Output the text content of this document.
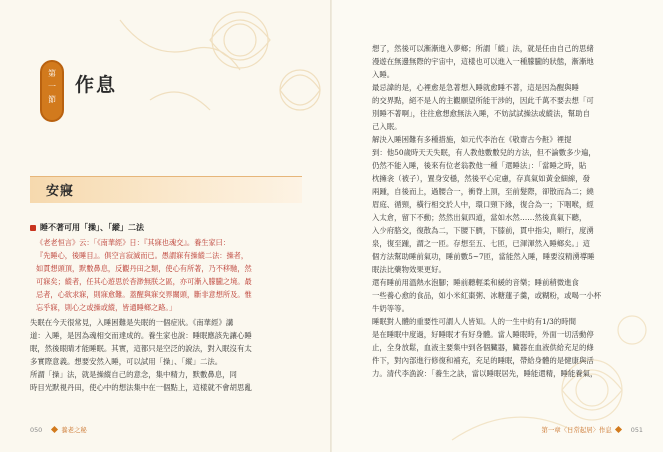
第
一
節
作息
安寢
睡不著可用「操」、「縱」二法
《老老恒言》云：「《南華經》日：『其寐也魂交』。養生家曰：
『先睡心，後睡目』。俱空言寂滅而已。愚謂寐有操縱二法：操者，
如貫想頭頂，默數鼻息，反觀丹田之類，使心有所著，乃不移馳，然
可寐矣；縱者，任其心遊思於杳渺無朕之區，亦可漸入朦朧之境。最
忌者，心欲求寐，則寐愈難。蓋醒與寐交界關頭，斷非意想所及。惟
忘乎寐，則心之或操或縱，皆通睡鄉之路。」
失眠在今天很常見，入睡困難是失眠的一個症狀。《南華經》講
道：入睡，是因為魂相交而達成的。養生家也說：睡眠應該先讓心睡
眠，然後眼睛才能睡眠。其實，這都只是空泛的說法，對入眠沒有太
多實際意義。想要安然入睡，可以試用「操」、「縱」二法。
所謂「操」法，就是操縱自己的意念，集中精力，默數鼻息，同
時目光默視丹田，使心中的想法集中在一個點上，這樣就不會胡思亂
050	養老之秘
想了，然後可以漸漸進入夢鄉；所謂「縱」法，就是任由自己的思緒
漫遊在無邊無際的宇宙中，這樣也可以進入一種朦朧的狀態，漸漸地
入睡。
最忌諱的是，心裡愈是急著想入睡就愈睡不著，這是因為醒與睡
的交界點，絕不是人的主觀願望所能干涉的，因此千萬不要去想「可
別睡不著啊」，往往愈想愈無法入睡，不妨試試操法或縱法，幫助自
己入眠。
解決入睡困難有多種措施，如元代李治在《敬齋古今黈》裡提
到：他50歲時天天失眠，有人教他數數兒的方法，但不論數多少遍，
仍然不能入睡，後來有位老翁教他一種「還睡法」：「當睡之時，貼
枕擁衾（被子），置身安穩，然後平心定慮，存真氣如黃金細線，發
兩踵，自後而上，過腰合一，衝脊上頂，至前髮際，卻散而為二；繞
眉庭、循頸，橫行相交於人中，環口頸下緣，復合為一；下咽喉，經
入太倉，留下不動；然然出氣四道，當如水然……然後真氣下聽，
入少府胳交，復散為二，下腰下臍，下膝前，貫中指尖，順行，度湧
泉，復至踵，謂之一匝。存想至五、七匝，已渾渾然入睡鄉矣。」這
個方法幫助睡前氣功，睡前數5~7匝，當能然入睡，睡要沒精湧導睡
眠法比藥物效果更好。
還有睡前用溫熱水泡腳；睡前聽輕柔和緩的音樂；睡前稍微進食
一些養心愈的食品，如小米紅棗粥、冰糖蓮子羹，或糊粉，或喝一小杯
牛奶等等。
睡眠對人體的重要性可謂人人皆知。人的一生中約有1/3的時間
是在睡眠中度過，好睡眠才有好身體。當人睡眠時，外面一切活動停
止，全身放鬆，血液主要集中到各個臟器，臟器在血液供給充足的條
件下，對內部進行修復和補充，充足的睡眠，帶給身體的是健康與活
力。清代李漁說：「養生之訣，當以睡眠居先，睡能還精，睡能養氣，
第一章〈日常起居〉作息	051
